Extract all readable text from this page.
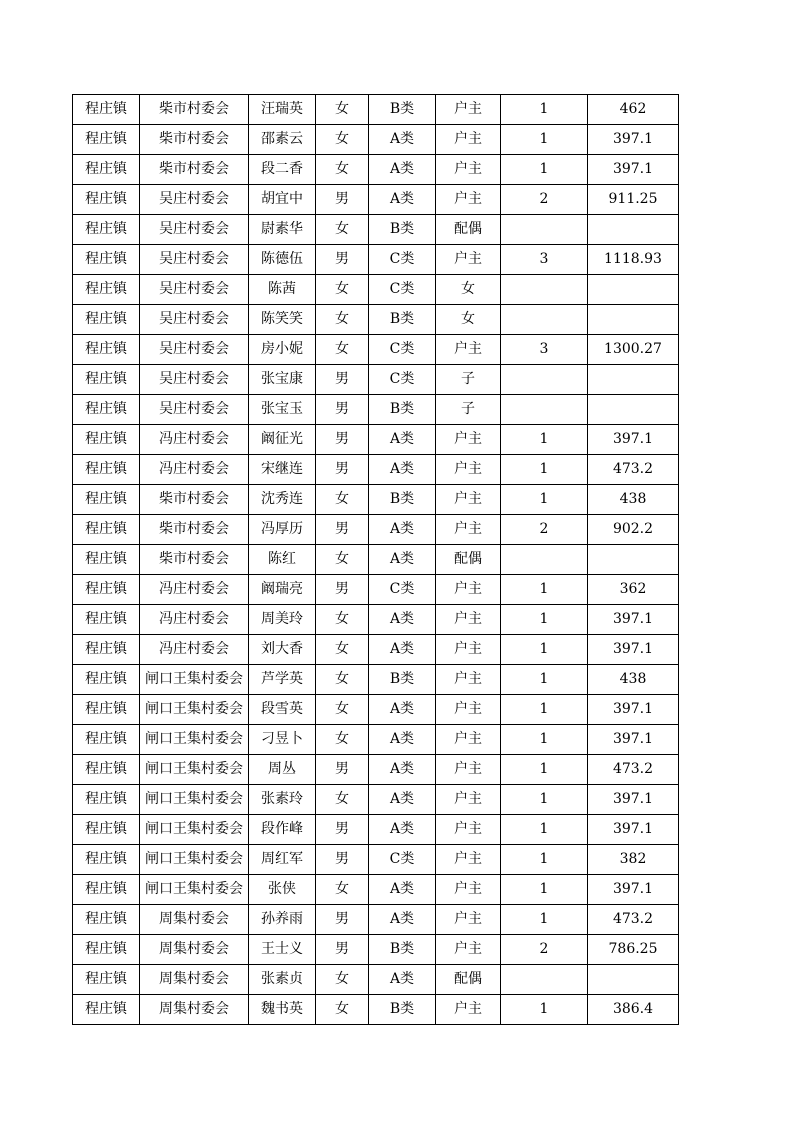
程庄镇	柴市村委会	汪瑞英	女	B类	户主	1	462
程庄镇	柴市村委会	邵素云	女	A类	户主	1	397.1
程庄镇	柴市村委会	段二香	女	A类	户主	1	397.1
程庄镇	吴庄村委会	胡宜中	男	A类	户主	2	911.25
程庄镇	吴庄村委会	尉素华	女	B类	配偶		
程庄镇	吴庄村委会	陈德伍	男	C类	户主	3	1118.93
程庄镇	吴庄村委会	陈茜	女	C类	女		
程庄镇	吴庄村委会	陈笑笑	女	B类	女		
程庄镇	吴庄村委会	房小妮	女	C类	户主	3	1300.27
程庄镇	吴庄村委会	张宝康	男	C类	子		
程庄镇	吴庄村委会	张宝玉	男	B类	子		
程庄镇	冯庄村委会	阚征光	男	A类	户主	1	397.1
程庄镇	冯庄村委会	宋继连	男	A类	户主	1	473.2
程庄镇	柴市村委会	沈秀连	女	B类	户主	1	438
程庄镇	柴市村委会	冯厚历	男	A类	户主	2	902.2
程庄镇	柴市村委会	陈红	女	A类	配偶		
程庄镇	冯庄村委会	阚瑞亮	男	C类	户主	1	362
程庄镇	冯庄村委会	周美玲	女	A类	户主	1	397.1
程庄镇	冯庄村委会	刘大香	女	A类	户主	1	397.1
程庄镇	闸口王集村委会	芦学英	女	B类	户主	1	438
程庄镇	闸口王集村委会	段雪英	女	A类	户主	1	397.1
程庄镇	闸口王集村委会	刁昱卜	女	A类	户主	1	397.1
程庄镇	闸口王集村委会	周丛	男	A类	户主	1	473.2
程庄镇	闸口王集村委会	张素玲	女	A类	户主	1	397.1
程庄镇	闸口王集村委会	段作峰	男	A类	户主	1	397.1
程庄镇	闸口王集村委会	周红军	男	C类	户主	1	382
程庄镇	闸口王集村委会	张侠	女	A类	户主	1	397.1
程庄镇	周集村委会	孙养雨	男	A类	户主	1	473.2
程庄镇	周集村委会	王士义	男	B类	户主	2	786.25
程庄镇	周集村委会	张素贞	女	A类	配偶		
程庄镇	周集村委会	魏书英	女	B类	户主	1	386.4
